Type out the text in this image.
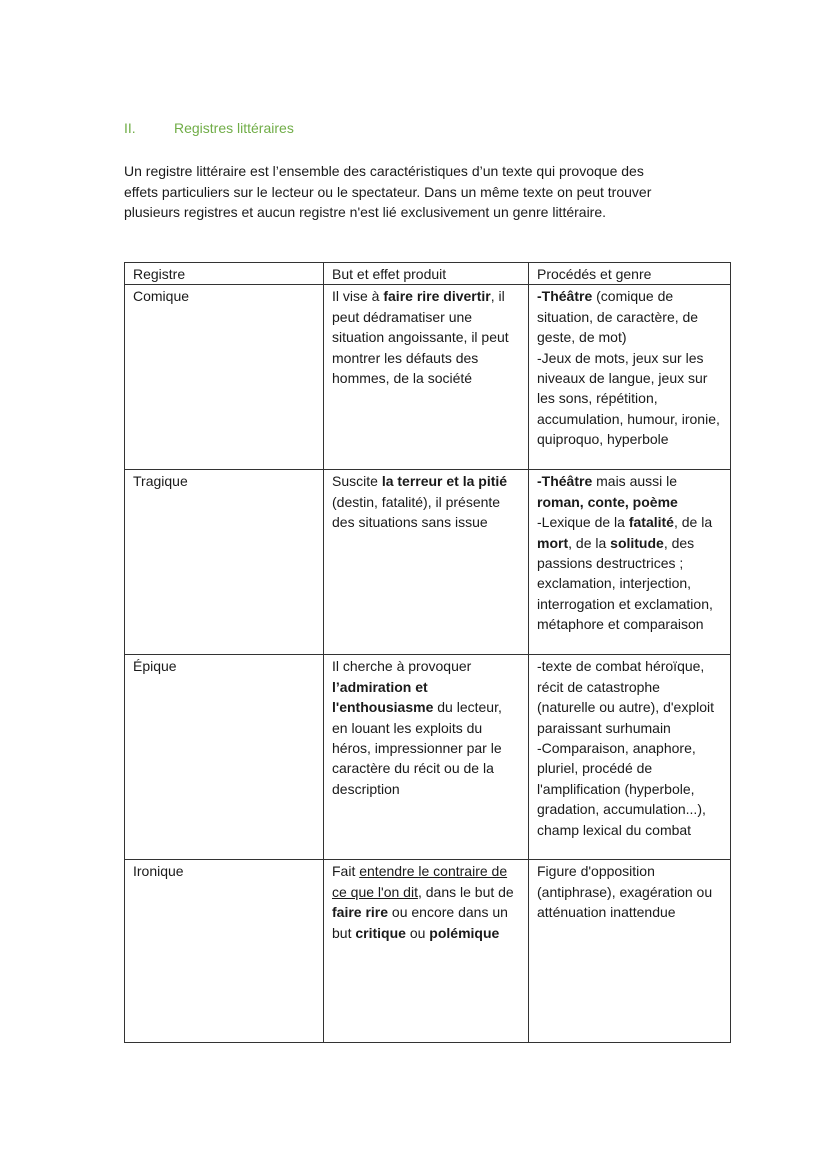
II.	Registres littéraires

Un registre littéraire est l’ensemble des caractéristiques d’un texte qui provoque des

effets particuliers sur le lecteur ou le spectateur. Dans un même texte on peut trouver

plusieurs registres et aucun registre n'est lié exclusivement un genre littéraire.

Registre	But et effet produit	Procédés et genre
Comique	Il vise à faire rire divertir, il peut dédramatiser une situation angoissante, il peut montrer les défauts des hommes, de la société	-Théâtre (comique de situation, de caractère, de geste, de mot)

-Jeux de mots, jeux sur les niveaux de langue, jeux sur les sons, répétition, accumulation, humour, ironie, quiproquo, hyperbole

Tragique	Suscite la terreur et la pitié (destin, fatalité), il présente des situations sans issue	-Théâtre mais aussi le roman, conte, poème

-Lexique de la fatalité, de la mort, de la solitude, des passions destructrices ; exclamation, interjection, interrogation et exclamation, métaphore et comparaison

Épique	Il cherche à provoquer l’admiration et l'enthousiasme du lecteur, en louant les exploits du héros, impressionner par le caractère du récit ou de la description	-texte de combat héroïque, récit de catastrophe (naturelle ou autre), d'exploit paraissant surhumain

-Comparaison, anaphore, pluriel, procédé de l'amplification (hyperbole, gradation, accumulation...), champ lexical du combat

Ironique	Fait entendre le contraire de ce que l'on dit, dans le but de faire rire ou encore dans un but critique ou polémique	Figure d'opposition (antiphrase), exagération ou atténuation inattendue
